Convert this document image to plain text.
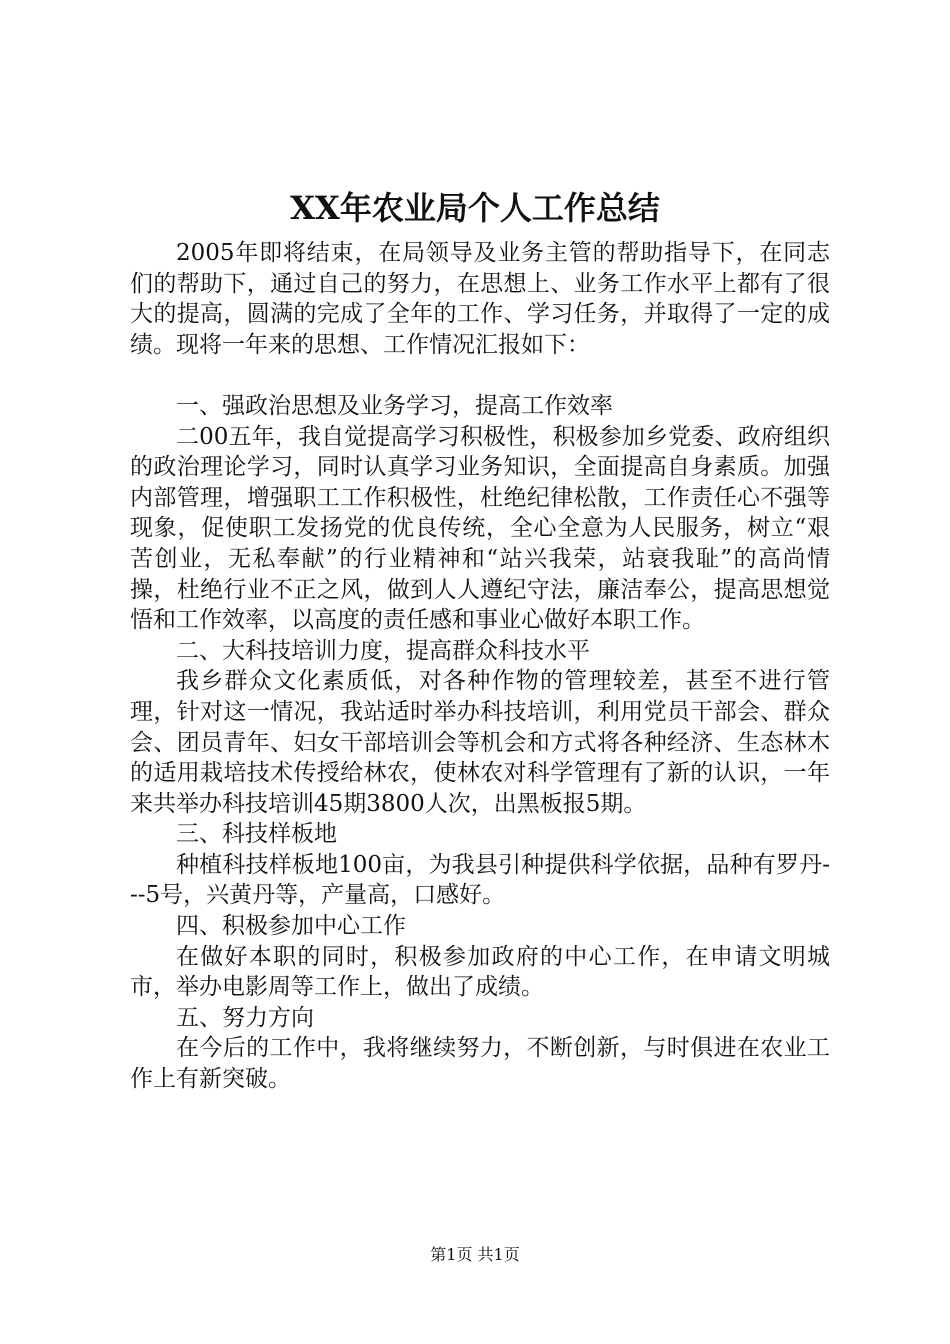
XX年农业局个人工作总结

2005年即将结束，在局领导及业务主管的帮助指导下，在同志们的帮助下，通过自己的努力，在思想上、业务工作水平上都有了很大的提高，圆满的完成了全年的工作、学习任务，并取得了一定的成绩。现将一年来的思想、工作情况汇报如下：

一、强政治思想及业务学习，提高工作效率

二00五年，我自觉提高学习积极性，积极参加乡党委、政府组织的政治理论学习，同时认真学习业务知识，全面提高自身素质。加强内部管理，增强职工工作积极性，杜绝纪律松散，工作责任心不强等现象，促使职工发扬党的优良传统，全心全意为人民服务，树立“艰苦创业，无私奉献”的行业精神和“站兴我荣，站衰我耻”的高尚情操，杜绝行业不正之风，做到人人遵纪守法，廉洁奉公，提高思想觉悟和工作效率，以高度的责任感和事业心做好本职工作。

二、大科技培训力度，提高群众科技水平

我乡群众文化素质低，对各种作物的管理较差，甚至不进行管理，针对这一情况，我站适时举办科技培训，利用党员干部会、群众会、团员青年、妇女干部培训会等机会和方式将各种经济、生态林木的适用栽培技术传授给林农，使林农对科学管理有了新的认识，一年来共举办科技培训45期3800人次，出黑板报5期。

三、科技样板地

种植科技样板地100亩，为我县引种提供科学依据，品种有罗丹---5号，兴黄丹等，产量高，口感好。

四、积极参加中心工作

在做好本职的同时，积极参加政府的中心工作，在申请文明城市，举办电影周等工作上，做出了成绩。

五、努力方向

在今后的工作中，我将继续努力，不断创新，与时俱进在农业工作上有新突破。

第1页 共1页
